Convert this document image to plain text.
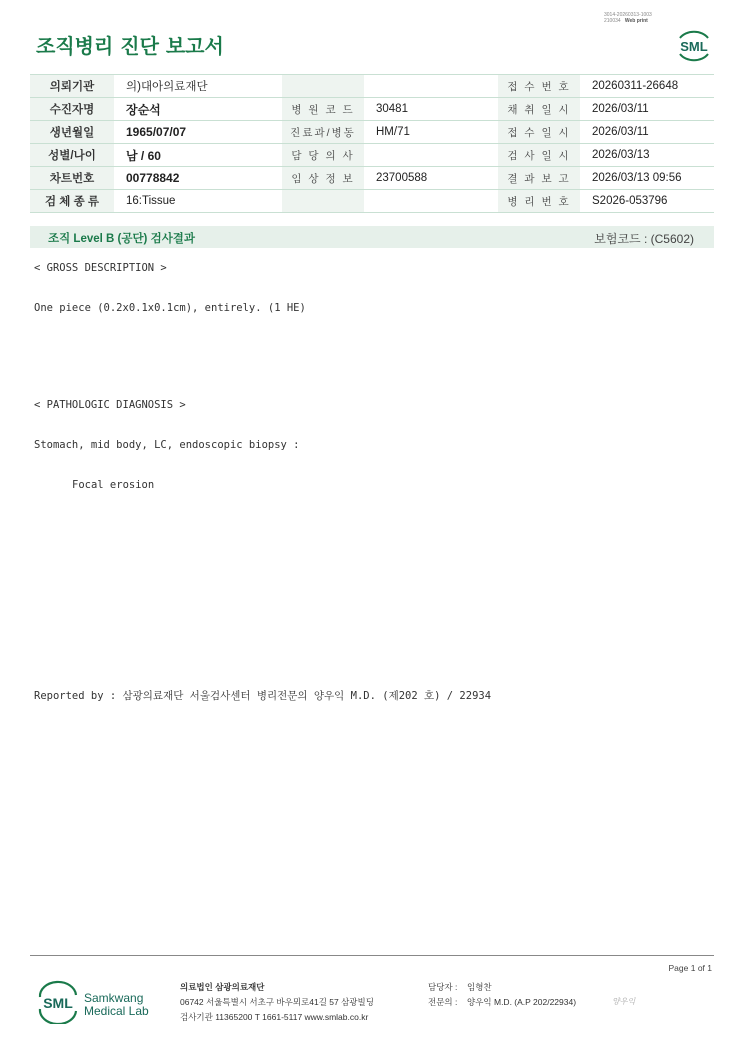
조직병리 진단 보고서
3014-20260313-1003
210034 Web print
SML
의뢰기관	의)대아의료재단			접 수 번 호	20260311-26648
수진자명	장순석	병 원 코 드	30481	채 취 일 시	2026/03/11
생년월일	1965/07/07	진료과/병동	HM/71	접 수 일 시	2026/03/11
성별/나이	남 / 60	담 당 의 사		검 사 일 시	2026/03/13
차트번호	00778842	임 상 정 보	23700588	결 과 보 고	2026/03/13 09:56
검 체 종 류	16:Tissue			병 리 번 호	S2026-053796
조직 Level B (공단) 검사결과	보험코드 : (C5602)
< GROSS DESCRIPTION >
One piece (0.2x0.1x0.1cm), entirely. (1 HE)
< PATHOLOGIC DIAGNOSIS >
Stomach, mid body, LC, endoscopic biopsy :
Focal erosion
Reported by : 삼광의료재단 서울검사센터 병리전문의 양우익 M.D. (제202 호) / 22934
Page 1 of 1
SML Samkwang
Medical Lab
의료법인 삼광의료재단
06742 서울특별시 서초구 바우뫼로41길 57 삼광빌딩
검사기관 11365200 T 1661-5117 www.smlab.co.kr
담당자 : 임형찬
전문의 : 양우익 M.D. (A.P 202/22934)	양우익
